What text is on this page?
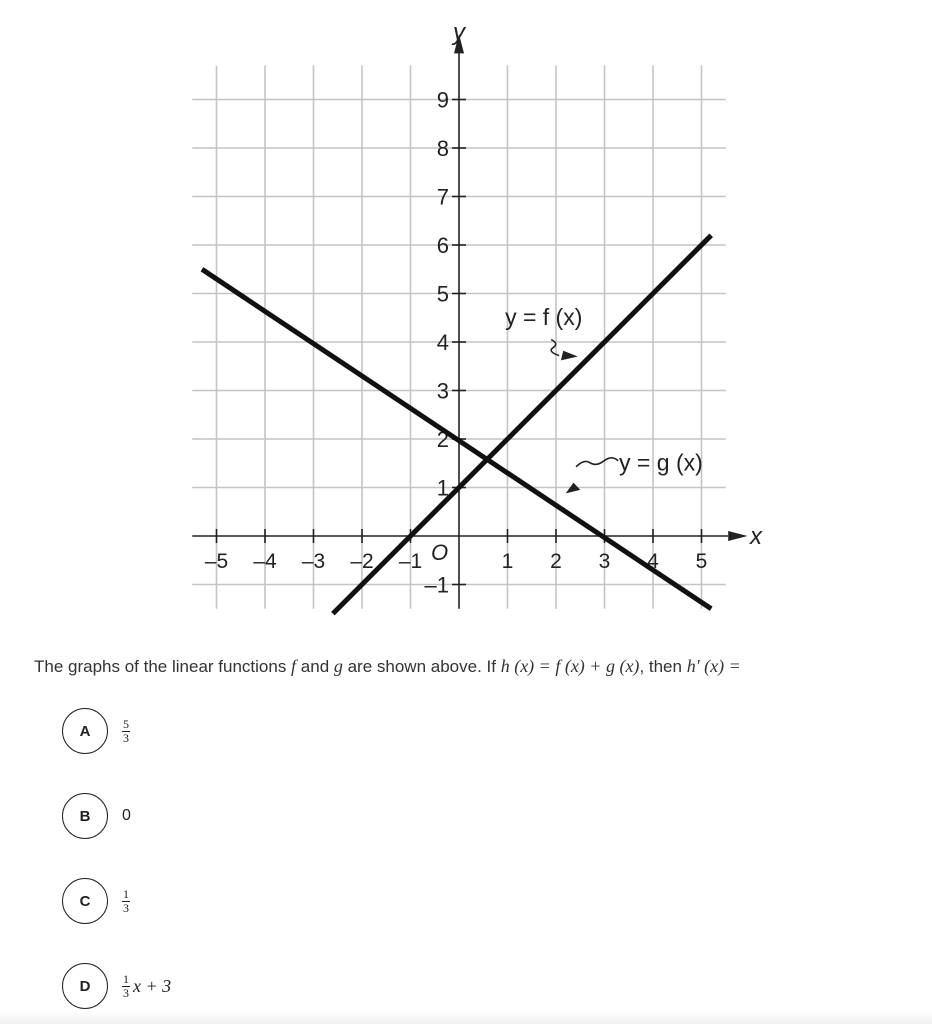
–5 –4 –3 –2 –1	1 2 3 4 5
–1
1
2
3
4
5
6
7
8
9
O
x
y
y = f (x)
y = g (x)
The graphs of the linear functions f and g are shown above. If h (x) = f (x) + g (x), then h′ (x) =
A	$\frac{5}{3}$
B	0
C	$\frac{1}{3}$
D	$\frac{1}{3}$ x + 3
